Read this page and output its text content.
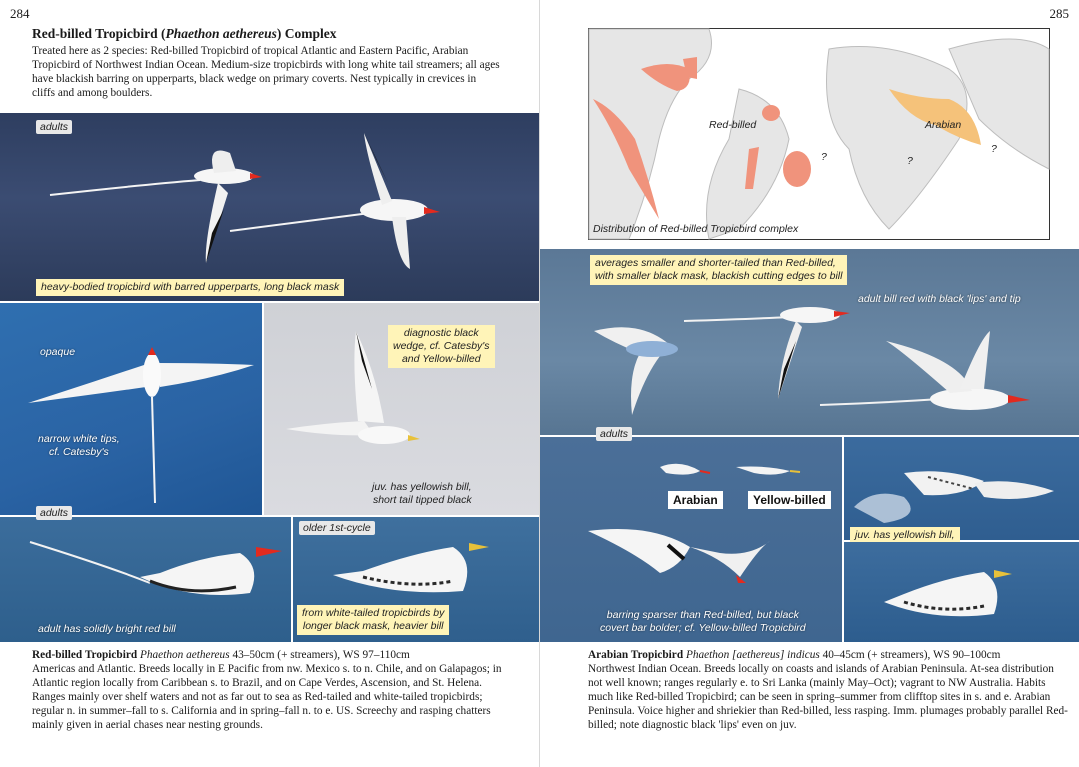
284
Red-billed Tropicbird (Phaethon aethereus) Complex
Treated here as 2 species: Red-billed Tropicbird of tropical Atlantic and Eastern Pacific, Arabian Tropicbird of Northwest Indian Ocean. Medium-size tropicbirds with long white tail streamers; all ages have blackish barring on upperparts, black wedge on primary coverts. Nest typically in crevices in cliffs and among boulders.
adults
heavy-bodied tropicbird with barred upperparts, long black mask
opaque
narrow white tips,
cf. Catesby's
diagnostic black
wedge, cf. Catesby's
and Yellow-billed
juv. has yellowish bill,
short tail tipped black
adult has solidly bright red bill
adults
older 1st-cycle
from white-tailed tropicbirds by
longer black mask, heavier bill
Red-billed Tropicbird Phaethon aethereus 43–50cm (+ streamers), WS 97–110cm
Americas and Atlantic. Breeds locally in E Pacific from nw. Mexico s. to n. Chile, and on Galapagos; in Atlantic region locally from Caribbean s. to Brazil, and on Cape Verdes, Ascension, and St. Helena. Ranges mainly over shelf waters and not as far out to sea as Red-tailed and white-tailed tropicbirds; regular n. in summer–fall to s. California and in spring–fall n. to e. US. Screechy and rasping chatters mainly given in aerial chases near nesting grounds.
285
Red-billed	Arabian
?	?
?
Distribution of Red-billed Tropicbird complex
averages smaller and shorter-tailed than Red-billed,
with smaller black mask, blackish cutting edges to bill
adult bill red with black 'lips' and tip
Arabian	Yellow-billed
barring sparser than Red-billed, but black
covert bar bolder; cf. Yellow-billed Tropicbird
adults
juv. has yellowish bill,

Arabian Tropicbird Phaethon [aethereus] indicus 40–45cm (+ streamers), WS 90–100cm
Northwest Indian Ocean. Breeds locally on coasts and islands of Arabian Peninsula. At-sea distribution not well known; ranges regularly e. to Sri Lanka (mainly May–Oct); vagrant to NW Australia. Habits much like Red-billed Tropicbird; can be seen in spring–summer from clifftop sites in s. and e. Arabian Peninsula. Voice higher and shriekier than Red-billed, less rasping. Imm. plumages probably parallel Red-billed; note diagnostic black 'lips' even on juv.
